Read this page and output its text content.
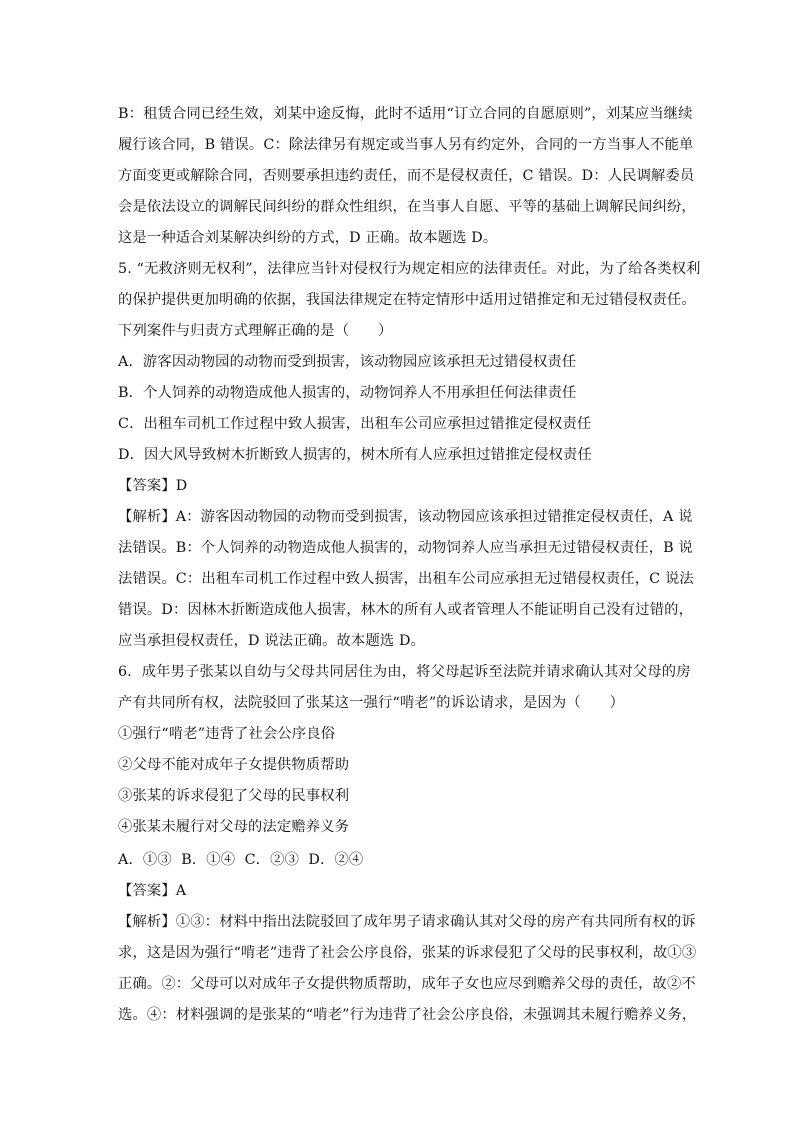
B：租赁合同已经生效，刘某中途反悔，此时不适用“订立合同的自愿原则”，刘某应当继续
履行该合同，B 错误。C：除法律另有规定或当事人另有约定外，合同的一方当事人不能单
方面变更或解除合同，否则要承担违约责任，而不是侵权责任，C 错误。D：人民调解委员
会是依法设立的调解民间纠纷的群众性组织，在当事人自愿、平等的基础上调解民间纠纷，
这是一种适合刘某解决纠纷的方式，D 正确。故本题选 D。
5. “无救济则无权利”，法律应当针对侵权行为规定相应的法律责任。对此，为了给各类权利
的保护提供更加明确的依据，我国法律规定在特定情形中适用过错推定和无过错侵权责任。
下列案件与归责方式理解正确的是（　　）
A．游客因动物园的动物而受到损害，该动物园应该承担无过错侵权责任
B．个人饲养的动物造成他人损害的，动物饲养人不用承担任何法律责任
C．出租车司机工作过程中致人损害，出租车公司应承担过错推定侵权责任
D．因大风导致树木折断致人损害的，树木所有人应承担过错推定侵权责任
【答案】D
【解析】A：游客因动物园的动物而受到损害，该动物园应该承担过错推定侵权责任，A 说
法错误。B：个人饲养的动物造成他人损害的，动物饲养人应当承担无过错侵权责任，B 说
法错误。C：出租车司机工作过程中致人损害，出租车公司应承担无过错侵权责任，C 说法
错误。D：因林木折断造成他人损害，林木的所有人或者管理人不能证明自己没有过错的，
应当承担侵权责任，D 说法正确。故本题选 D。
6．成年男子张某以自幼与父母共同居住为由，将父母起诉至法院并请求确认其对父母的房
产有共同所有权，法院驳回了张某这一强行“啃老”的诉讼请求，是因为（　　）
①强行“啃老”违背了社会公序良俗
②父母不能对成年子女提供物质帮助
③张某的诉求侵犯了父母的民事权利
④张某未履行对父母的法定赡养义务
A．①③  B．①④  C．②③  D．②④
【答案】A
【解析】①③：材料中指出法院驳回了成年男子请求确认其对父母的房产有共同所有权的诉
求，这是因为强行“啃老”违背了社会公序良俗，张某的诉求侵犯了父母的民事权利，故①③
正确。②：父母可以对成年子女提供物质帮助，成年子女也应尽到赡养父母的责任，故②不
选。④：材料强调的是张某的“啃老”行为违背了社会公序良俗，未强调其未履行赡养义务，
